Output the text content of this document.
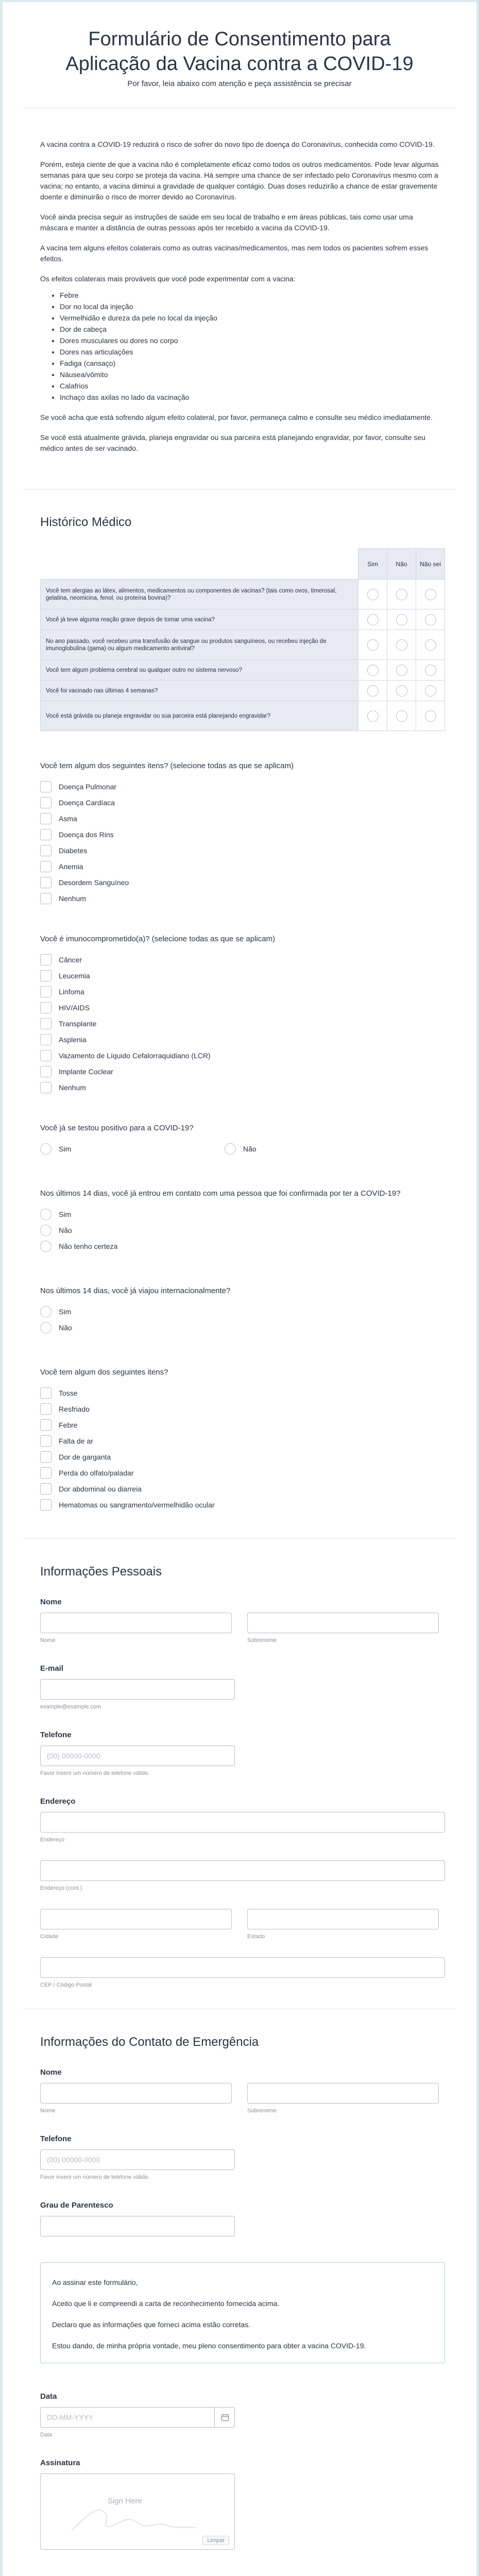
Formulário de Consentimento para Aplicação da Vacina contra a COVID-19
Por favor, leia abaixo com atenção e peça assistência se precisar

A vacina contra a COVID-19 reduzirá o risco de sofrer do novo tipo de doença do Coronavírus, conhecida como COVID-19.

Porém, esteja ciente de que a vacina não é completamente eficaz como todos os outros medicamentos. Pode levar algumas semanas para que seu corpo se proteja da vacina. Há sempre uma chance de ser infectado pelo Coronavírus mesmo com a vacina; no entanto, a vacina diminui a gravidade de qualquer contágio. Duas doses reduzirão a chance de estar gravemente doente e diminuirão o risco de morrer devido ao Coronavírus.

Você ainda precisa seguir as instruções de saúde em seu local de trabalho e em áreas públicas, tais como usar uma máscara e manter a distância de outras pessoas após ter recebido a vacina da COVID-19.

A vacina tem alguns efeitos colaterais como as outras vacinas/medicamentos, mas nem todos os pacientes sofrem esses efeitos.

Os efeitos colaterais mais prováveis que você pode experimentar com a vacina:

• Febre
• Dor no local da injeção
• Vermelhidão e dureza da pele no local da injeção
• Dor de cabeça
• Dores musculares ou dores no corpo
• Dores nas articulações
• Fadiga (cansaço)
• Náusea/vômito
• Calafrios
• Inchaço das axilas no lado da vacinação

Se você acha que está sofrendo algum efeito colateral, por favor, permaneça calmo e consulte seu médico imediatamente.

Se você está atualmente grávida, planeja engravidar ou sua parceira está planejando engravidar, por favor, consulte seu médico antes de ser vacinado.

Histórico Médico
	Sim	Não	Não sei
Você tem alergias ao látex, alimentos, medicamentos ou componentes de vacinas? (tais como ovos, timerosal, gelatina, neomicina, fenol, ou proteína bovina)?			
Você já teve alguma reação grave depois de tomar uma vacina?			
No ano passado, você recebeu uma transfusão de sangue ou produtos sanguíneos, ou recebeu injeção de imunoglobulina (gama) ou algum medicamento antiviral?			
Você tem algum problema cerebral ou qualquer outro no sistema nervoso?			
Você foi vacinado nas últimas 4 semanas?			
Você está grávida ou planeja engravidar ou sua parceira está planejando engravidar?			
Você tem algum dos seguintes itens? (selecione todas as que se aplicam)
Doença Pulmonar
Doença Cardíaca
Asma
Doença dos Rins
Diabetes
Anemia
Desordem Sanguíneo
Nenhum
Você é imunocomprometido(a)? (selecione todas as que se aplicam)
Câncer
Leucemia
Linfoma
HIV/AIDS
Transplante
Asplenia
Vazamento de Líquido Cefalorraquidiano (LCR)
Implante Coclear
Nenhum
Você já se testou positivo para a COVID-19?
Sim	Não
Nos últimos 14 dias, você já entrou em contato com uma pessoa que foi confirmada por ter a COVID-19?
Sim
Não
Não tenho certeza
Nos últimos 14 dias, você já viajou internacionalmente?
Sim
Não
Você tem algum dos seguintes itens?
Tosse
Resfriado
Febre
Falta de ar
Dor de garganta
Perda do olfato/paladar
Dor abdominal ou diarreia
Hematomas ou sangramento/vermelhidão ocular
Informações Pessoais
Nome
Nome	Sobrenome
E-mail
example@example.com
Telefone
(00) 00000-0000
Favor inserir um número de telefone válido.
Endereço
Endereço
Endereço (cont.)
Cidade	Estado
CEP / Código Postal
Informações do Contato de Emergência
Nome
Nome	Sobrenome
Telefone
(00) 00000-0000
Favor inserir um número de telefone válido.
Grau de Parentesco

Ao assinar este formulário,

Aceito que li e compreendi a carta de reconhecimento fornecida acima.

Declaro que as informações que forneci acima estão corretas.

Estou dando, de minha própria vontade, meu pleno consentimento para obter a vacina COVID-19.

Data
DD-MM-YYYY
Data
Assinatura
Sign Here
Limpar
